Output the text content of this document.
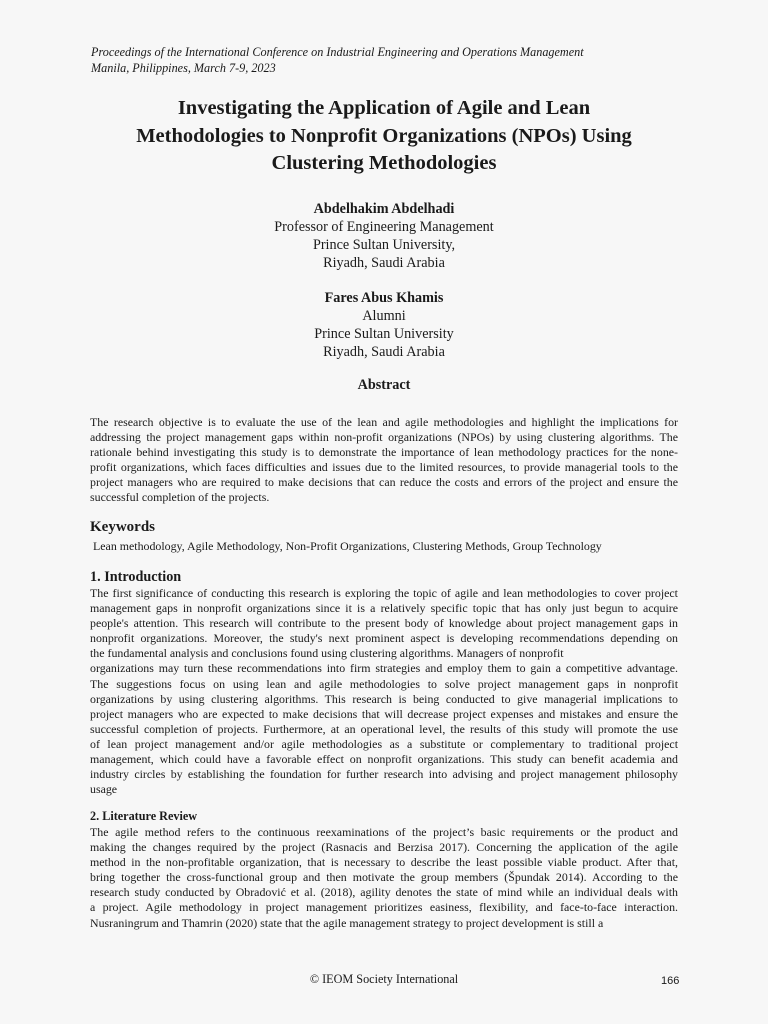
Proceedings of the International Conference on Industrial Engineering and Operations Management
Manila, Philippines, March 7-9, 2023
Investigating the Application of Agile and Lean
Methodologies to Nonprofit Organizations (NPOs) Using
Clustering Methodologies
Abdelhakim Abdelhadi
Professor of Engineering Management
Prince Sultan University,
Riyadh, Saudi Arabia
Fares Abus Khamis
Alumni
Prince Sultan University
Riyadh, Saudi Arabia
Abstract
The research objective is to evaluate the use of the lean and agile methodologies and highlight the implications for
addressing the project management gaps within non-profit organizations (NPOs) by using clustering algorithms. The
rationale behind investigating this study is to demonstrate the importance of lean methodology practices for the none-
profit organizations, which faces difficulties and issues due to the limited resources, to provide managerial tools to the
project managers who are required to make decisions that can reduce the costs and errors of the project and ensure the
successful completion of the projects.
Keywords
Lean methodology, Agile Methodology, Non-Profit Organizations, Clustering Methods, Group Technology
1. Introduction
The first significance of conducting this research is exploring the topic of agile and lean methodologies to cover project
management gaps in nonprofit organizations since it is a relatively specific topic that has only just begun to acquire
people's attention. This research will contribute to the present body of knowledge about project management gaps in
nonprofit organizations. Moreover, the study's next prominent aspect is developing recommendations depending on
the fundamental analysis and conclusions found using clustering algorithms. Managers of nonprofit
organizations may turn these recommendations into firm strategies and employ them to gain a competitive advantage.
The suggestions focus on using lean and agile methodologies to solve project management gaps in nonprofit
organizations by using clustering algorithms. This research is being conducted to give managerial implications to
project managers who are expected to make decisions that will decrease project expenses and mistakes and ensure the
successful completion of projects. Furthermore, at an operational level, the results of this study will promote the use
of lean project management and/or agile methodologies as a substitute or complementary to traditional project
management, which could have a favorable effect on nonprofit organizations. This study can benefit academia and
industry circles by establishing the foundation for further research into advising and project management philosophy
usage
2. Literature Review
The agile method refers to the continuous reexaminations of the project’s basic requirements or the product and
making the changes required by the project (Rasnacis and Berzisa 2017). Concerning the application of the agile
method in the non-profitable organization, that is necessary to describe the least possible viable product. After that,
bring together the cross-functional group and then motivate the group members (Špundak 2014). According to the
research study conducted by Obradović et al. (2018), agility denotes the state of mind while an individual deals with
a project. Agile methodology in project management prioritizes easiness, flexibility, and face-to-face interaction.
Nusraningrum and Thamrin (2020) state that the agile management strategy to project development is still a
© IEOM Society International	166
